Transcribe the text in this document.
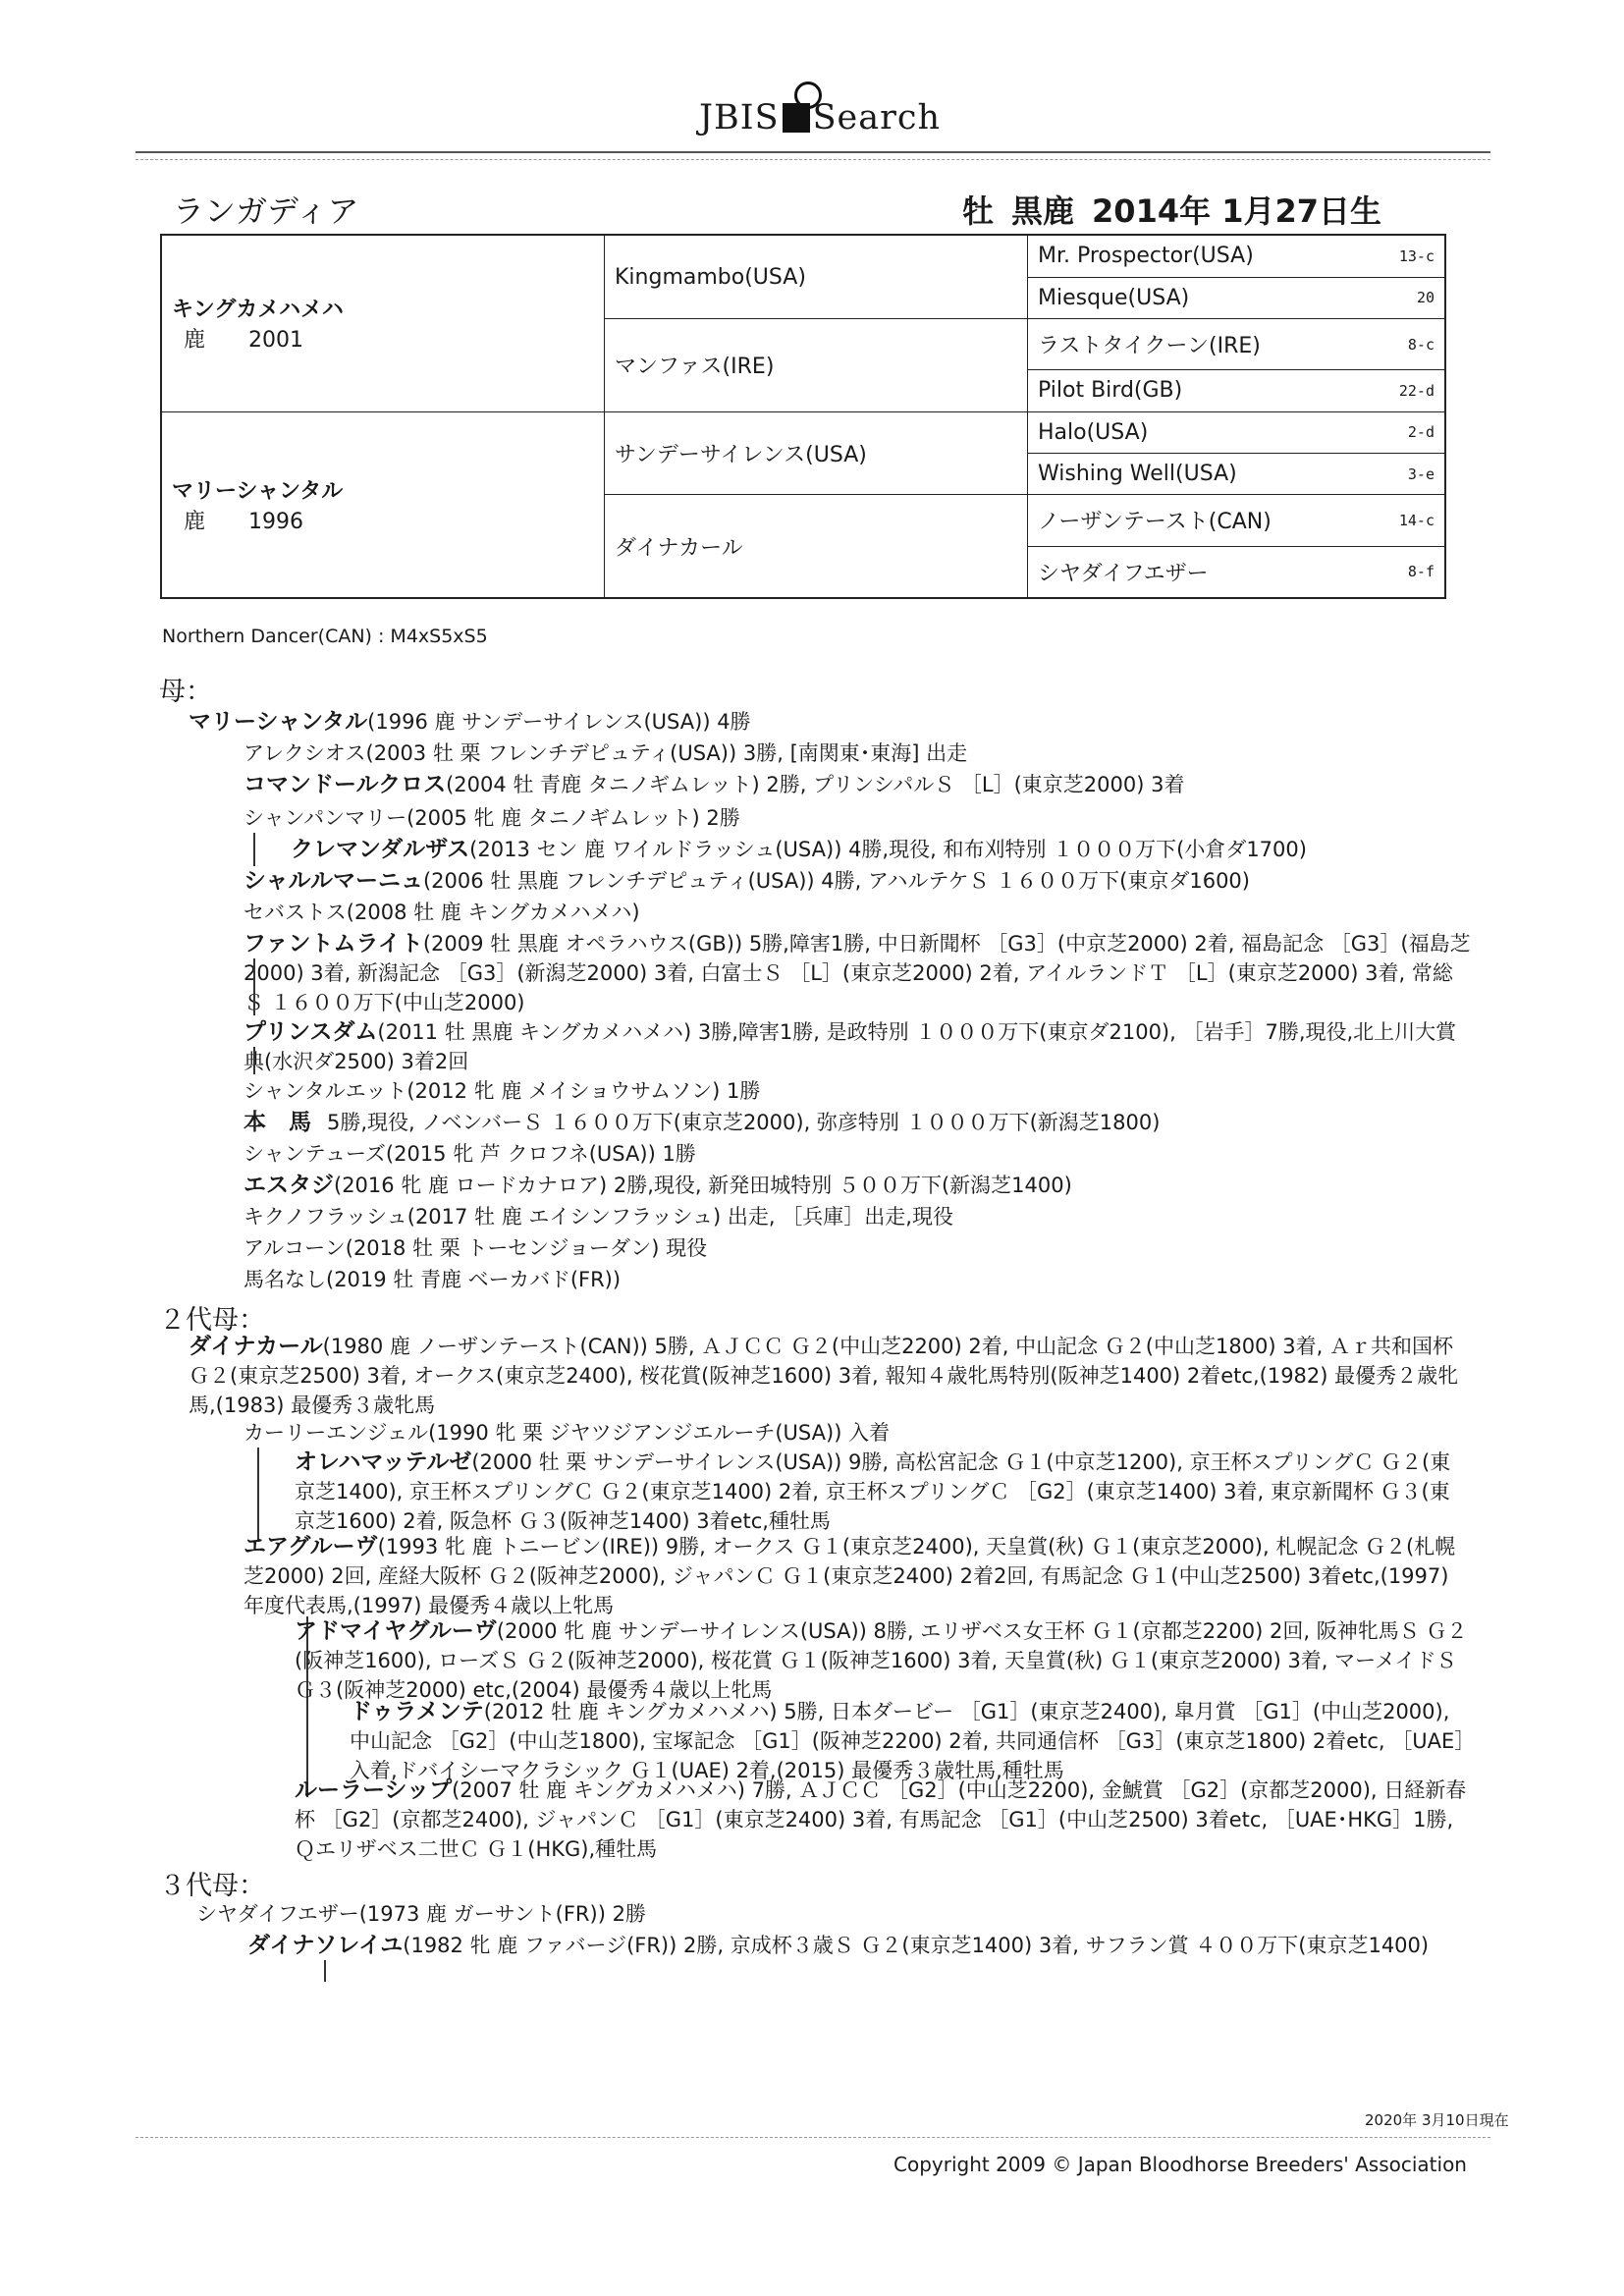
JBIS Search
ランガディア	牡 黒鹿 2014年 1月27日生
キングカメハメハ
鹿　　2001	Kingmambo(USA)	Mr. Prospector(USA) 13-c

		Miesque(USA) 20

	マンファス(IRE)	ラストタイクーン(IRE) 8-c

		Pilot Bird(GB) 22-d

マリーシャンタル
鹿　　1996	サンデーサイレンス(USA)	Halo(USA) 2-d

		Wishing Well(USA) 3-e

	ダイナカール	ノーザンテースト(CAN) 14-c

		シヤダイフエザー 8-f
Northern Dancer(CAN) : M4xS5xS5
母：
マリーシャンタル(1996 鹿 サンデーサイレンス(USA)) 4勝
アレクシオス(2003 牡 栗 フレンチデピュティ(USA)) 3勝, [南関東･東海] 出走
コマンドールクロス(2004 牡 青鹿 タニノギムレット) 2勝, プリンシパルＳ ［L］(東京芝2000) 3着
シャンパンマリー(2005 牝 鹿 タニノギムレット) 2勝
クレマンダルザス(2013 セン 鹿 ワイルドラッシュ(USA)) 4勝,現役, 和布刈特別 １０００万下(小倉ダ1700)
シャルルマーニュ(2006 牡 黒鹿 フレンチデピュティ(USA)) 4勝, アハルテケＳ １６００万下(東京ダ1600)
セバストス(2008 牡 鹿 キングカメハメハ)
ファントムライト(2009 牡 黒鹿 オペラハウス(GB)) 5勝,障害1勝, 中日新聞杯 ［G3］(中京芝2000) 2着, 福島記念 ［G3］(福島芝2000) 3着, 新潟記念 ［G3］(新潟芝2000) 3着, 白富士Ｓ ［L］(東京芝2000) 2着, アイルランドＴ ［L］(東京芝2000) 3着, 常総Ｓ １６００万下(中山芝2000)
プリンスダム(2011 牡 黒鹿 キングカメハメハ) 3勝,障害1勝, 是政特別 １０００万下(東京ダ2100), ［岩手］7勝,現役,北上川大賞典(水沢ダ2500) 3着2回
シャンタルエット(2012 牝 鹿 メイショウサムソン) 1勝
本　馬 5勝,現役, ノベンバーＳ １６００万下(東京芝2000), 弥彦特別 １０００万下(新潟芝1800)
シャンテューズ(2015 牝 芦 クロフネ(USA)) 1勝
エスタジ(2016 牝 鹿 ロードカナロア) 2勝,現役, 新発田城特別 ５００万下(新潟芝1400)
キクノフラッシュ(2017 牡 鹿 エイシンフラッシュ) 出走, ［兵庫］出走,現役
アルコーン(2018 牡 栗 トーセンジョーダン) 現役
馬名なし(2019 牡 青鹿 ベーカバド(FR))
２代母：
ダイナカール(1980 鹿 ノーザンテースト(CAN)) 5勝, ＡＪＣＣ Ｇ２(中山芝2200) 2着, 中山記念 Ｇ２(中山芝1800) 3着, Ａｒ共和国杯 Ｇ２(東京芝2500) 3着, オークス(東京芝2400), 桜花賞(阪神芝1600) 3着, 報知４歳牝馬特別(阪神芝1400) 2着etc,(1982) 最優秀２歳牝馬,(1983) 最優秀３歳牝馬
カーリーエンジェル(1990 牝 栗 ジヤツジアンジエルーチ(USA)) 入着
オレハマッテルゼ(2000 牡 栗 サンデーサイレンス(USA)) 9勝, 高松宮記念 Ｇ１(中京芝1200), 京王杯スプリングＣ Ｇ２(東京芝1400), 京王杯スプリングＣ Ｇ２(東京芝1400) 2着, 京王杯スプリングＣ ［G2］(東京芝1400) 3着, 東京新聞杯 Ｇ３(東京芝1600) 2着, 阪急杯 Ｇ３(阪神芝1400) 3着etc,種牡馬
エアグルーヴ(1993 牝 鹿 トニービン(IRE)) 9勝, オークス Ｇ１(東京芝2400), 天皇賞(秋) Ｇ１(東京芝2000), 札幌記念 Ｇ２(札幌芝2000) 2回, 産経大阪杯 Ｇ２(阪神芝2000), ジャパンＣ Ｇ１(東京芝2400) 2着2回, 有馬記念 Ｇ１(中山芝2500) 3着etc,(1997) 年度代表馬,(1997) 最優秀４歳以上牝馬
アドマイヤグルーヴ(2000 牝 鹿 サンデーサイレンス(USA)) 8勝, エリザベス女王杯 Ｇ１(京都芝2200) 2回, 阪神牝馬Ｓ Ｇ２(阪神芝1600), ローズＳ Ｇ２(阪神芝2000), 桜花賞 Ｇ１(阪神芝1600) 3着, 天皇賞(秋) Ｇ１(東京芝2000) 3着, マーメイドＳ Ｇ３(阪神芝2000) etc,(2004) 最優秀４歳以上牝馬
ドゥラメンテ(2012 牡 鹿 キングカメハメハ) 5勝, 日本ダービー ［G1］(東京芝2400), 皐月賞 ［G1］(中山芝2000), 中山記念 ［G2］(中山芝1800), 宝塚記念 ［G1］(阪神芝2200) 2着, 共同通信杯 ［G3］(東京芝1800) 2着etc, ［UAE］入着,ドバイシーマクラシック Ｇ１(UAE) 2着,(2015) 最優秀３歳牡馬,種牡馬
ルーラーシップ(2007 牡 鹿 キングカメハメハ) 7勝, ＡＪＣＣ ［G2］(中山芝2200), 金鯱賞 ［G2］(京都芝2000), 日経新春杯 ［G2］(京都芝2400), ジャパンＣ ［G1］(東京芝2400) 3着, 有馬記念 ［G1］(中山芝2500) 3着etc, ［UAE･HKG］1勝,Ｑエリザベス二世Ｃ Ｇ１(HKG),種牡馬
３代母：
シヤダイフエザー(1973 鹿 ガーサント(FR)) 2勝
ダイナソレイユ(1982 牝 鹿 ファバージ(FR)) 2勝, 京成杯３歳Ｓ Ｇ２(東京芝1400) 3着, サフラン賞 ４００万下(東京芝1400)
2020年 3月10日現在
Copyright 2009 © Japan Bloodhorse Breeders' Association
